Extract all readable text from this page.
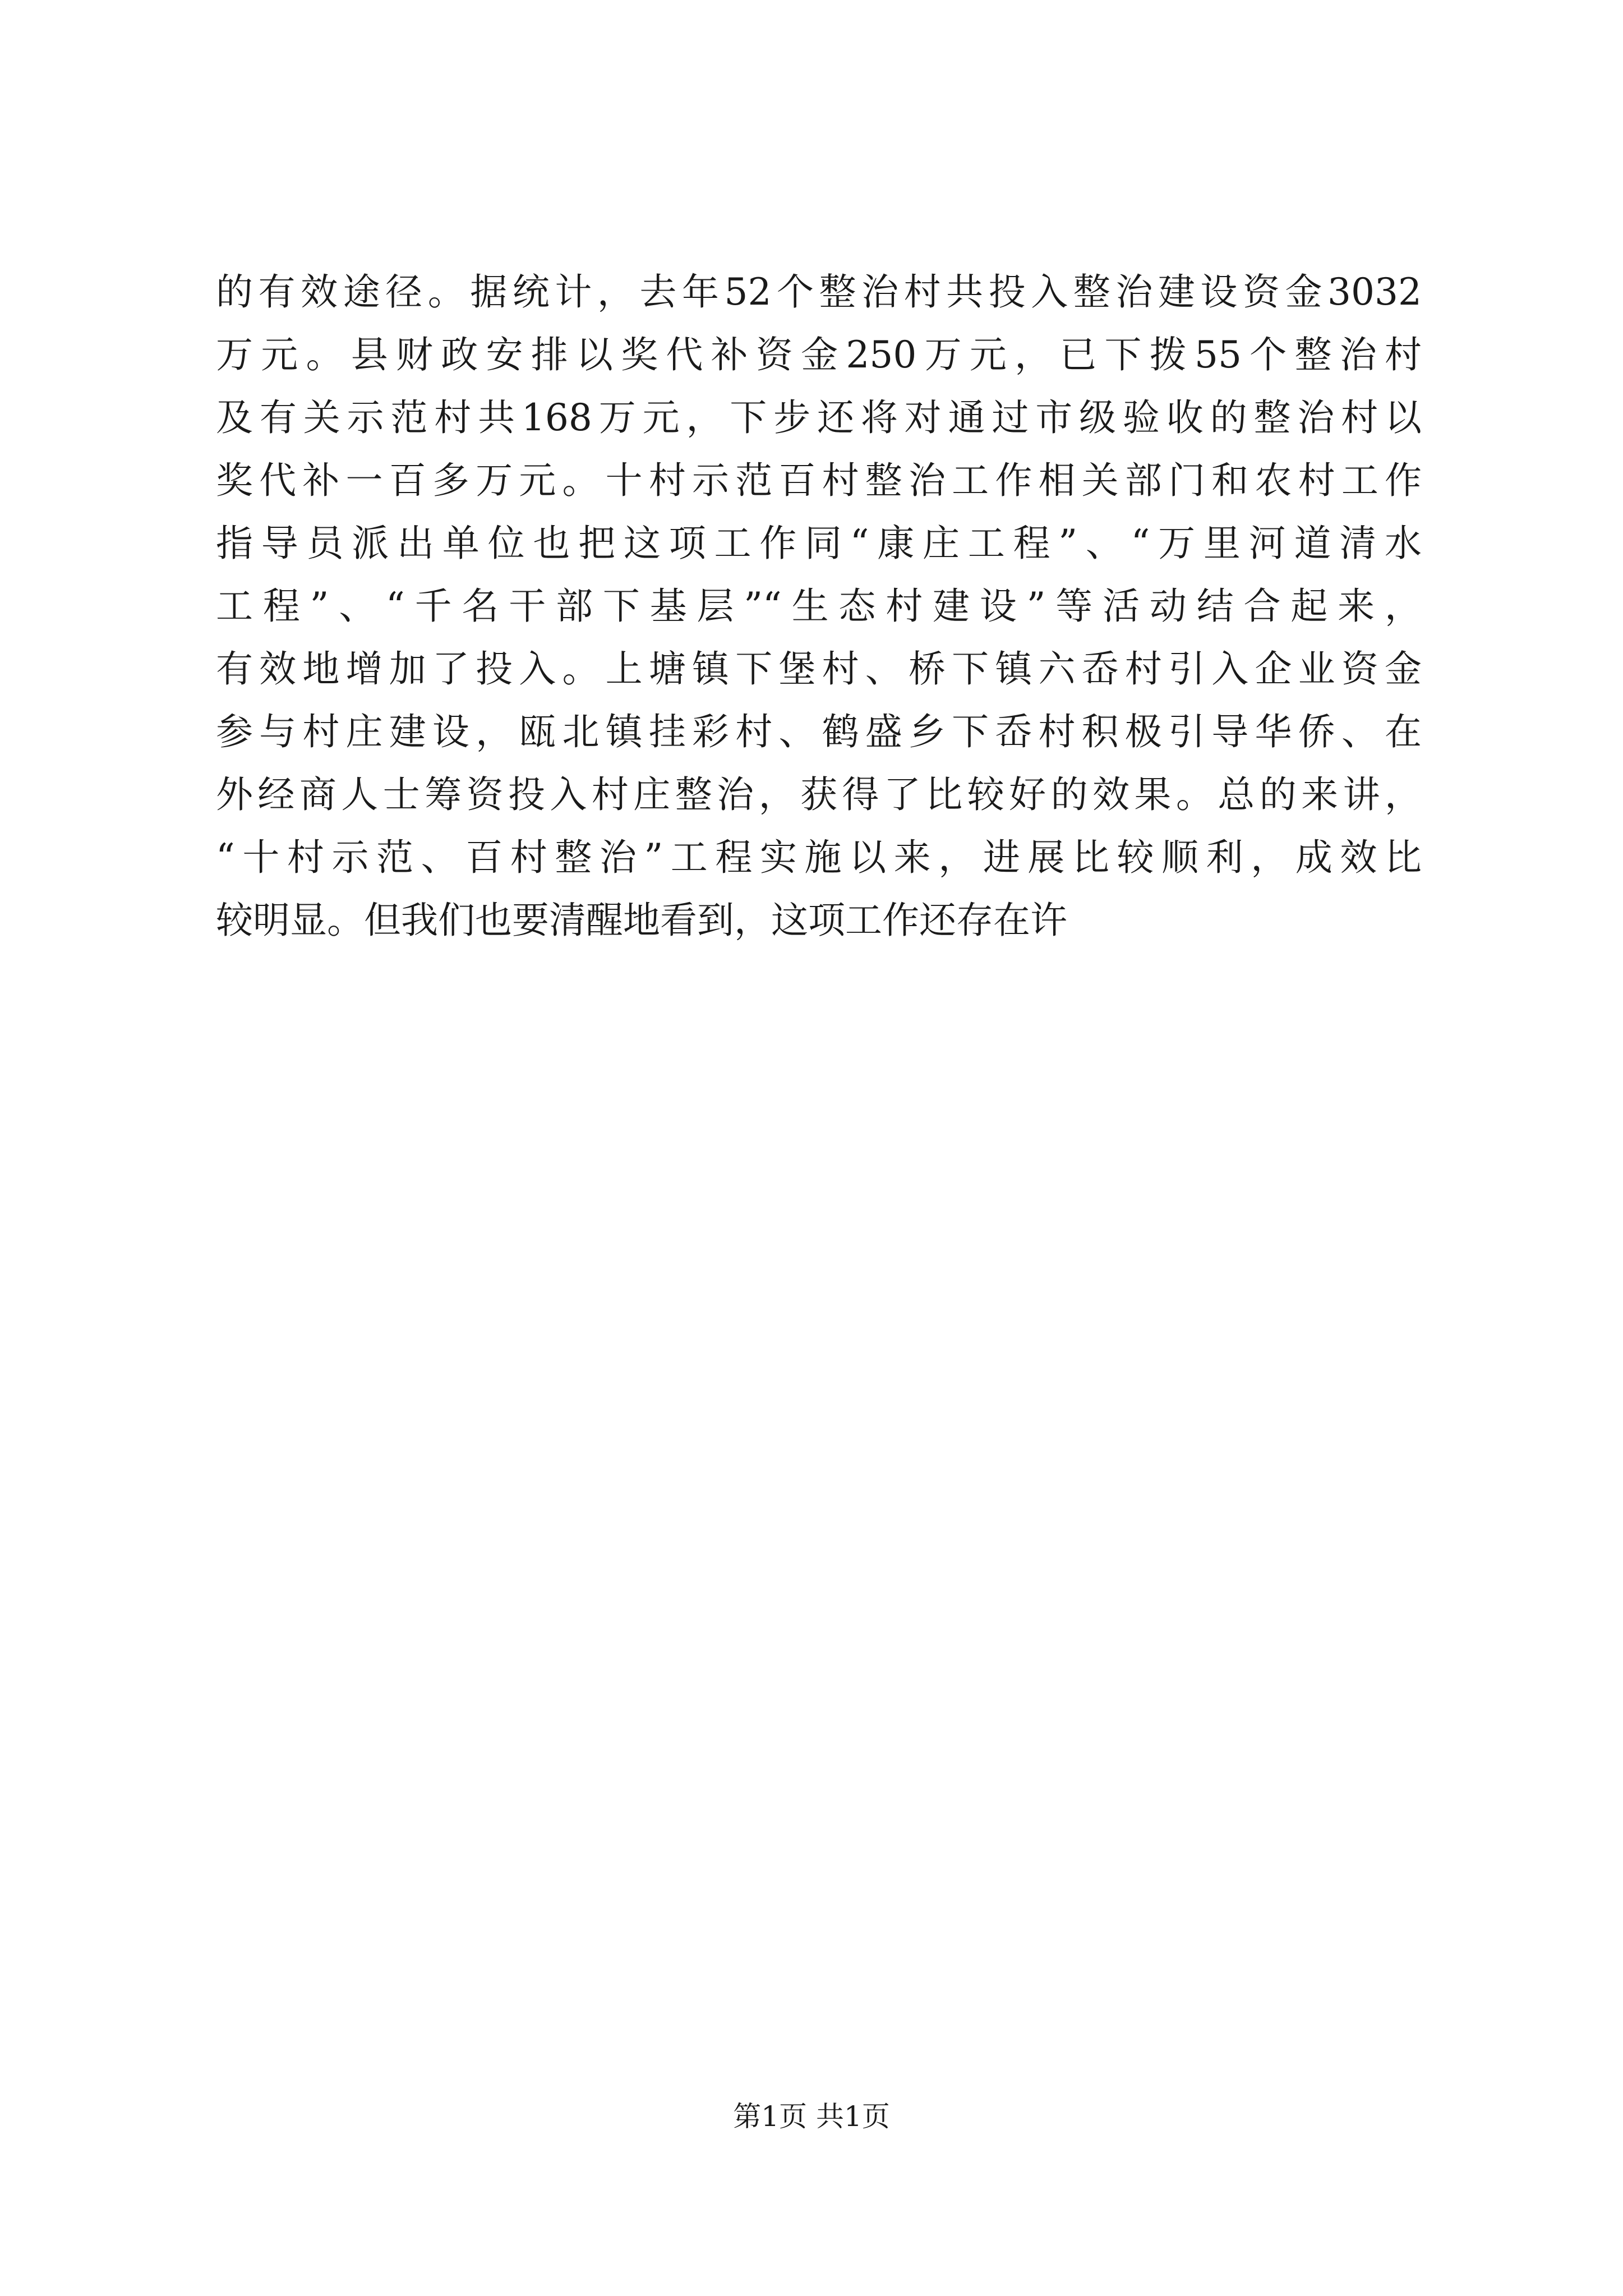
的有效途径。据统计，去年52个整治村共投入整治建设资金3032
万元。县财政安排以奖代补资金250万元，已下拨55个整治村
及有关示范村共168万元，下步还将对通过市级验收的整治村以
奖代补一百多万元。十村示范百村整治工作相关部门和农村工作
指导员派出单位也把这项工作同“康庄工程”、“万里河道清水
工程”、“千名干部下基层”“生态村建设”等活动结合起来，
有效地增加了投入。上塘镇下堡村、桥下镇六岙村引入企业资金
参与村庄建设，瓯北镇挂彩村、鹤盛乡下岙村积极引导华侨、在
外经商人士筹资投入村庄整治，获得了比较好的效果。总的来讲，
“十村示范、百村整治”工程实施以来，进展比较顺利，成效比
较明显。但我们也要清醒地看到，这项工作还存在许
第1页 共1页
